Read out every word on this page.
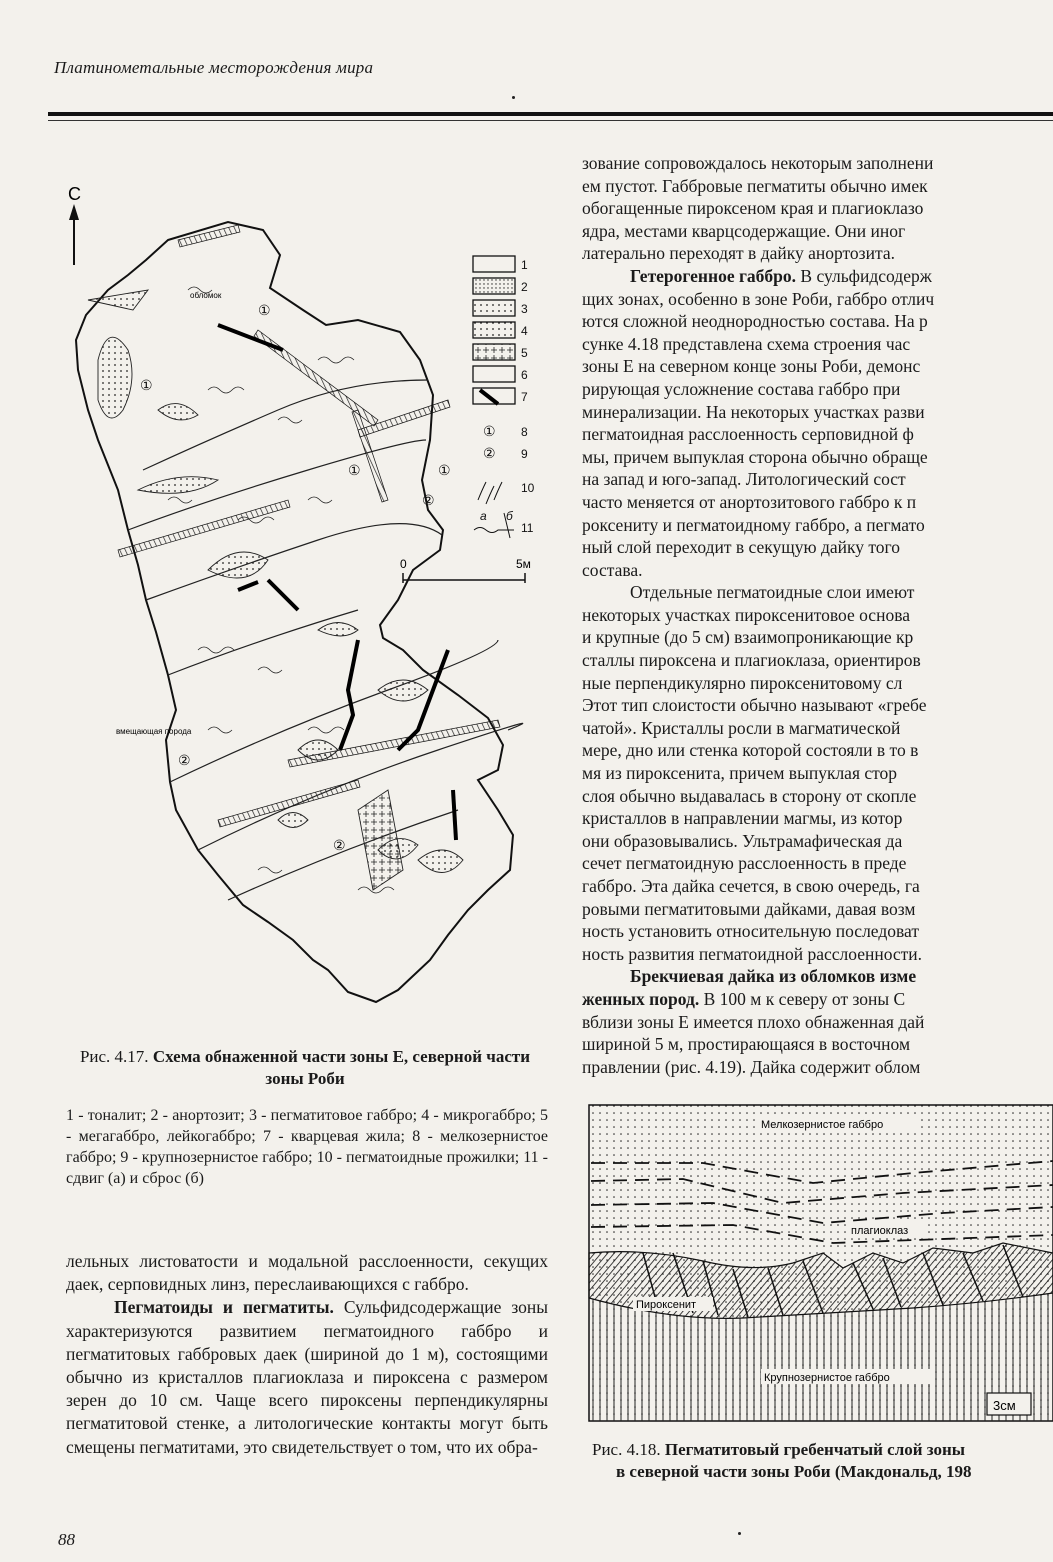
Платинометальные месторождения мира
С
①
①
①	①
②
②
②
обломок
вмещающая порода
1
2
3
4
5
6
7
① 8
② 9
10
11
а б
0	5м
Рис. 4.17. Схема обнаженной части зоны Е, северной части зоны Роби
1 - тоналит; 2 - анортозит; 3 - пегматитовое габбро; 4 - микрогаббро; 5 - мегагаббро, лейкогаббро; 7 - кварцевая жила; 8 - мелкозернистое габбро; 9 - крупнозернистое габбро; 10 - пегматоидные прожилки; 11 - сдвиг (а) и сброс (б)

лельных листоватости и модальной расслоенности, секущих даек, серповидных линз, переслаивающихся с габбро.

Пегматоиды и пегматиты. Сульфидсодержащие зоны характеризуются развитием пегматоидного габбро и пегматитовых габбровых даек (шириной до 1 м), состоящими обычно из кристаллов плагиоклаза и пироксена с размером зерен до 10 см. Чаще всего пироксены перпендикулярны пегматитовой стенке, а литологические контакты могут быть смещены пегматитами, это свидетельствует о том, что их обра-

88

зование сопровождалось некоторым заполнени

ем пустот. Габбровые пегматиты обычно имек

обогащенные пироксеном края и плагиоклазо

ядра, местами кварцсодержащие. Они иног

латерально переходят в дайку анортозита.

Гетерогенное габбро. В сульфидсодерж

щих зонах, особенно в зоне Роби, габбро отлич

ются сложной неоднородностью состава. На р

сунке 4.18 представлена схема строения час

зоны Е на северном конце зоны Роби, демонс

рирующая усложнение состава габбро при

минерализации. На некоторых участках разви

пегматоидная расслоенность серповидной ф

мы, причем выпуклая сторона обычно обраще

на запад и юго-запад. Литологический сост

часто меняется от анортозитового габбро к п

роксениту и пегматоидному габбро, а пегмато

ный слой переходит в секущую дайку того

состава.

Отдельные пегматоидные слои имеют

некоторых участках пироксенитовое основа

и крупные (до 5 см) взаимопроникающие кр

сталлы пироксена и плагиоклаза, ориентиров

ные перпендикулярно пироксенитовому сл

Этот тип слоистости обычно называют «гребе

чатой». Кристаллы росли в магматической

мере, дно или стенка которой состояли в то в

мя из пироксенита, причем выпуклая стор

слоя обычно выдавалась в сторону от скопле

кристаллов в направлении магмы, из котор

они образовывались. Ультрамафическая да

сечет пегматоидную расслоенность в преде

габбро. Эта дайка сечется, в свою очередь, га

ровыми пегматитовыми дайками, давая возм

ность установить относительную последоват

ность развития пегматоидной расслоенности.

Брекчиевая дайка из обломков изме

женных пород. В 100 м к северу от зоны С

вблизи зоны Е имеется плохо обнаженная дай

шириной 5 м, простирающаяся в восточном

правлении (рис. 4.19). Дайка содержит облом

Мелкозернистое габбро
плагиоклаз
Пироксенит
Крупнозернистое габбро
3см
Рис. 4.18. Пегматитовый гребенчатый слой зоны
в северной части зоны Роби (Макдональд, 198
